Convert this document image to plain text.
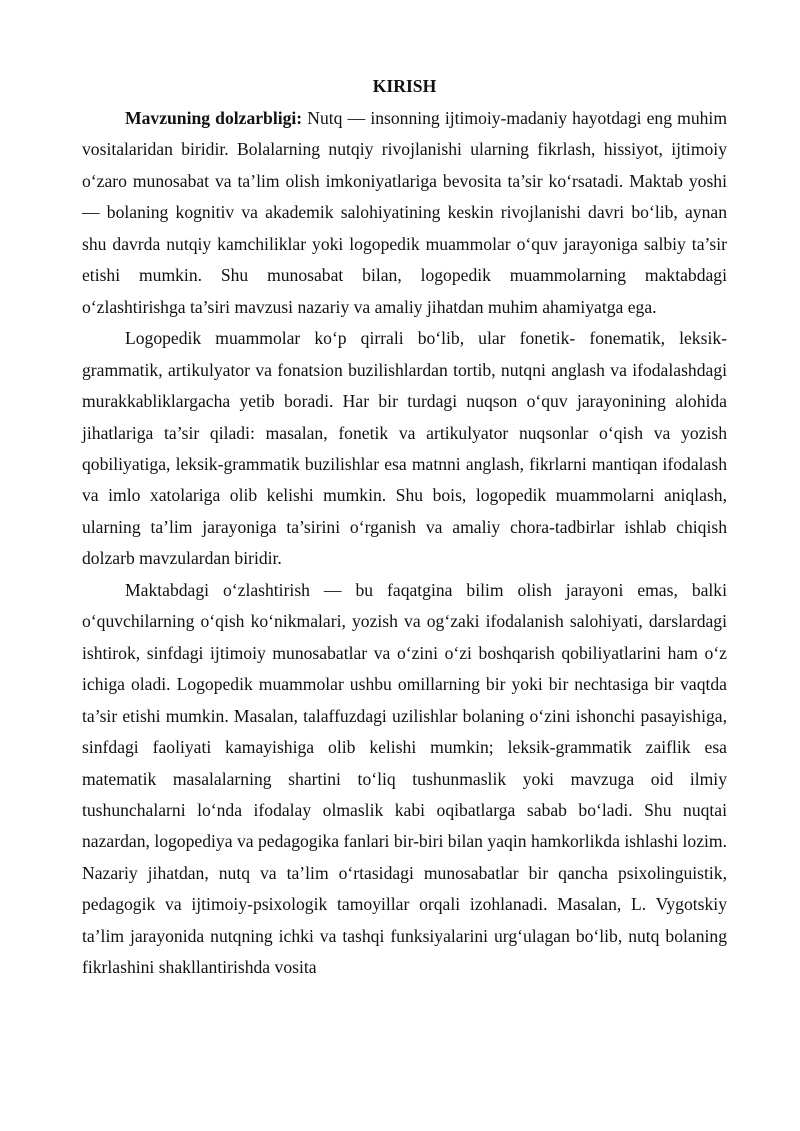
KIRISH

Mavzuning dolzarbligi: Nutq — insonning ijtimoiy-madaniy hayotdagi eng muhim vositalaridan biridir. Bolalarning nutqiy rivojlanishi ularning fikrlash, hissiyot, ijtimoiy o‘zaro munosabat va ta’lim olish imkoniyatlariga bevosita ta’sir ko‘rsatadi. Maktab yoshi — bolaning kognitiv va akademik salohiyatining keskin rivojlanishi davri bo‘lib, aynan shu davrda nutqiy kamchiliklar yoki logopedik muammolar o‘quv jarayoniga salbiy ta’sir etishi mumkin. Shu munosabat bilan, logopedik muammolarning maktabdagi o‘zlashtirishga ta’siri mavzusi nazariy va amaliy jihatdan muhim ahamiyatga ega.

Logopedik muammolar ko‘p qirrali bo‘lib, ular fonetik- fonematik, leksik-grammatik, artikulyator va fonatsion buzilishlardan tortib, nutqni anglash va ifodalashdagi murakkabliklargacha yetib boradi. Har bir turdagi nuqson o‘quv jarayonining alohida jihatlariga ta’sir qiladi: masalan, fonetik va artikulyator nuqsonlar o‘qish va yozish qobiliyatiga, leksik-grammatik buzilishlar esa matnni anglash, fikrlarni mantiqan ifodalash va imlo xatolariga olib kelishi mumkin. Shu bois, logopedik muammolarni aniqlash, ularning ta’lim jarayoniga ta’sirini o‘rganish va amaliy chora-tadbirlar ishlab chiqish dolzarb mavzulardan biridir.

Maktabdagi o‘zlashtirish — bu faqatgina bilim olish jarayoni emas, balki o‘quvchilarning o‘qish ko‘nikmalari, yozish va og‘zaki ifodalanish salohiyati, darslardagi ishtirok, sinfdagi ijtimoiy munosabatlar va o‘zini o‘zi boshqarish qobiliyatlarini ham o‘z ichiga oladi. Logopedik muammolar ushbu omillarning bir yoki bir nechtasiga bir vaqtda ta’sir etishi mumkin. Masalan, talaffuzdagi uzilishlar bolaning o‘zini ishonchi pasayishiga, sinfdagi faoliyati kamayishiga olib kelishi mumkin; leksik-grammatik zaiflik esa matematik masalalarning shartini to‘liq tushunmaslik yoki mavzuga oid ilmiy tushunchalarni lo‘nda ifodalay olmaslik kabi oqibatlarga sabab bo‘ladi. Shu nuqtai nazardan, logopediya va pedagogika fanlari bir-biri bilan yaqin hamkorlikda ishlashi lozim. Nazariy jihatdan, nutq va ta’lim o‘rtasidagi munosabatlar bir qancha psixolinguistik, pedagogik va ijtimoiy-psixologik tamoyillar orqali izohlanadi. Masalan, L. Vygotskiy ta’lim jarayonida nutqning ichki va tashqi funksiyalarini urg‘ulagan bo‘lib, nutq bolaning fikrlashini shakllantirishda vosita
